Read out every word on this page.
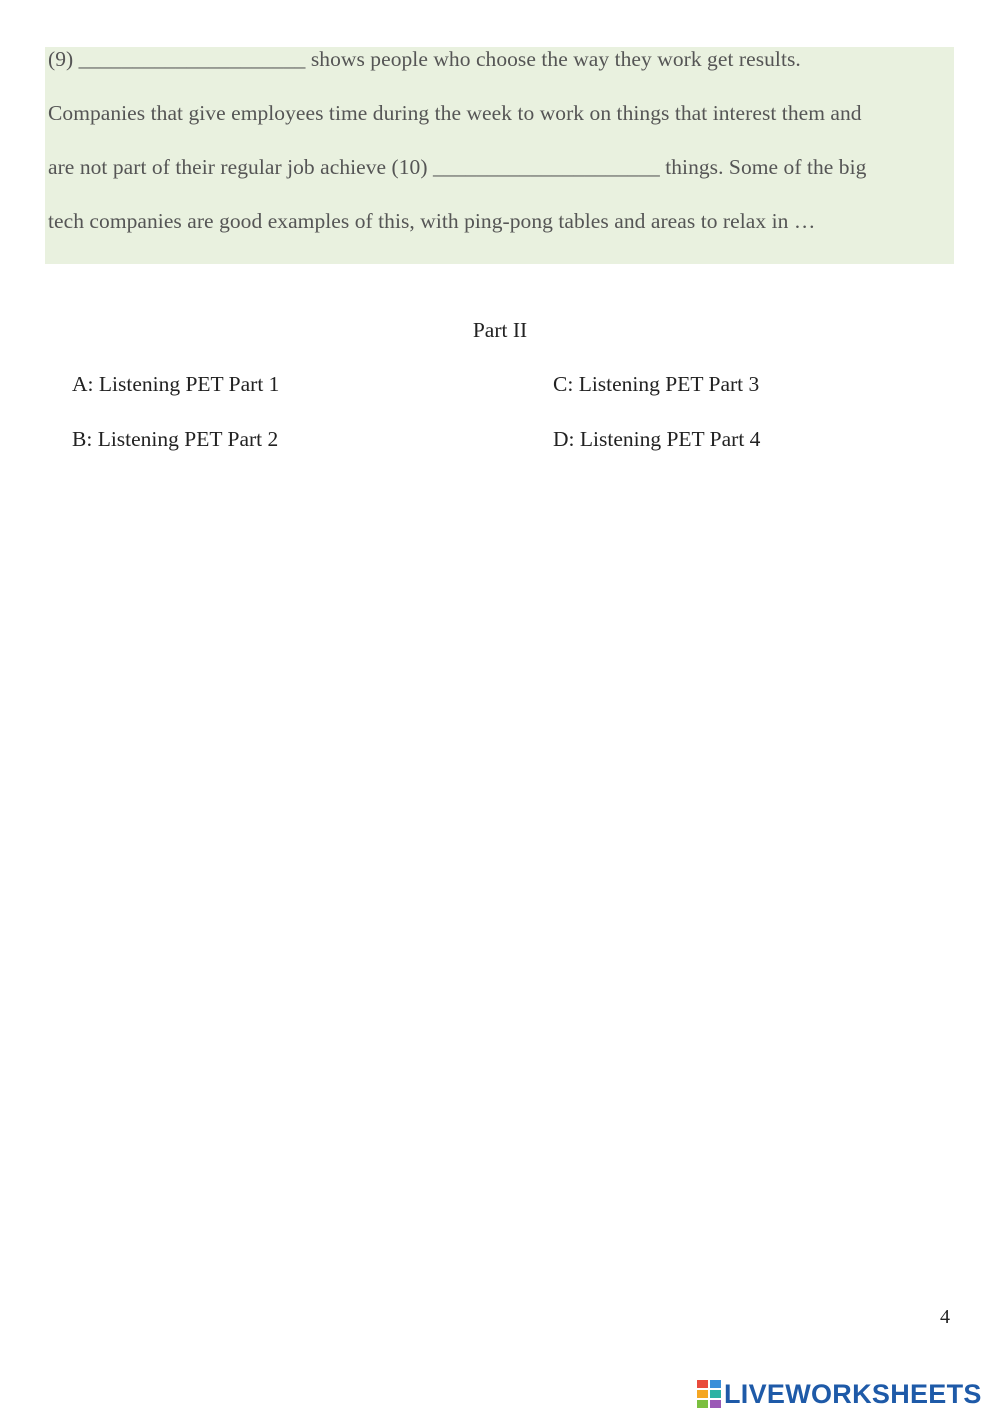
(9) _____________________ shows people who choose the way they work get results.
Companies that give employees time during the week to work on things that interest them and
are not part of their regular job achieve (10) _____________________ things. Some of the big
tech companies are good examples of this, with ping-pong tables and areas to relax in …
Part II
A: Listening PET Part 1	C: Listening PET Part 3
B: Listening PET Part 2	D: Listening PET Part 4
4
LIVEWORKSHEETS
